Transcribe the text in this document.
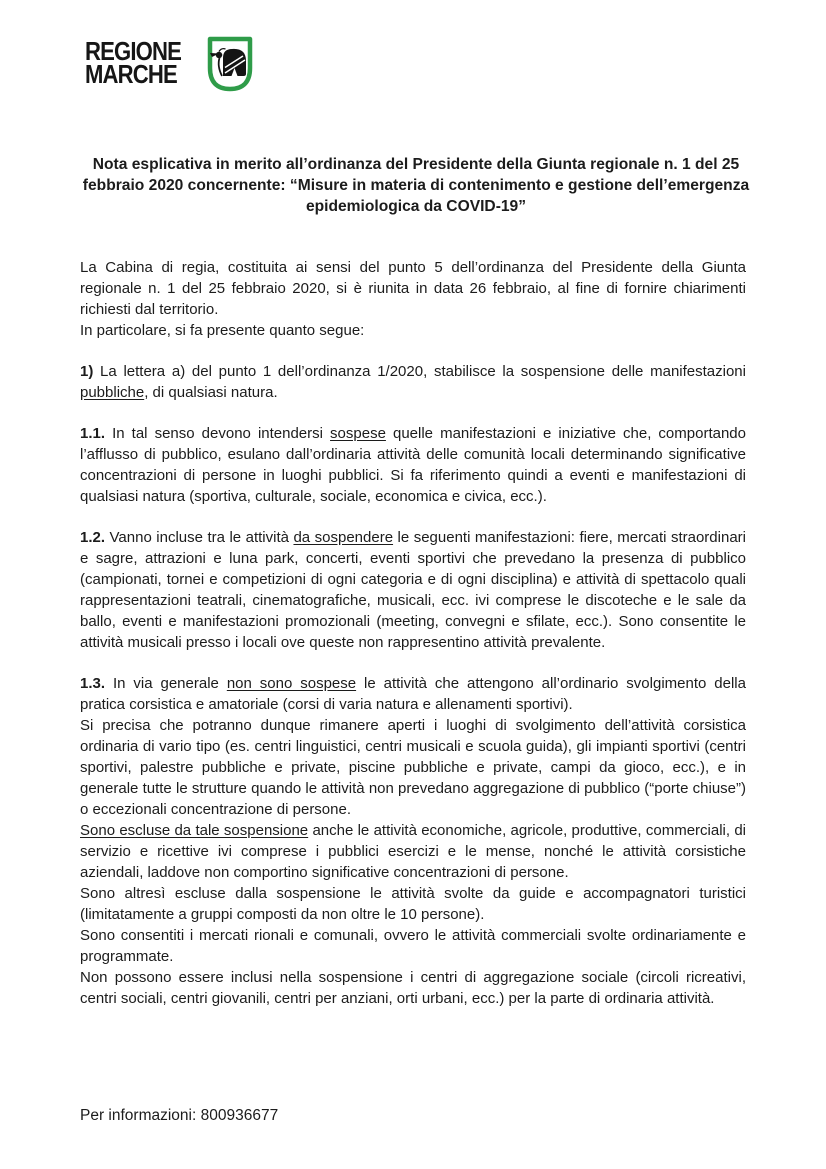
REGIONE
MARCHE
Nota esplicativa in merito all’ordinanza del Presidente della Giunta regionale n. 1 del 25 febbraio 2020 concernente: “Misure in materia di contenimento e gestione dell’emergenza epidemiologica da COVID-19”

La Cabina di regia, costituita ai sensi del punto 5 dell’ordinanza del Presidente della Giunta regionale n. 1 del 25 febbraio 2020, si è riunita in data 26 febbraio, al fine di fornire chiarimenti richiesti dal territorio.

In particolare, si fa presente quanto segue:

1) La lettera a) del punto 1 dell’ordinanza 1/2020, stabilisce la sospensione delle manifestazioni pubbliche, di qualsiasi natura.

1.1. In tal senso devono intendersi sospese quelle manifestazioni e iniziative che, comportando l’afflusso di pubblico, esulano dall’ordinaria attività delle comunità locali determinando significative concentrazioni di persone in luoghi pubblici. Si fa riferimento quindi a eventi e manifestazioni di qualsiasi natura (sportiva, culturale, sociale, economica e civica, ecc.).

1.2. Vanno incluse tra le attività da sospendere le seguenti manifestazioni: fiere, mercati straordinari e sagre, attrazioni e luna park, concerti, eventi sportivi che prevedano la presenza di pubblico (campionati, tornei e competizioni di ogni categoria e di ogni disciplina) e attività di spettacolo quali rappresentazioni teatrali, cinematografiche, musicali, ecc. ivi comprese le discoteche e le sale da ballo, eventi e manifestazioni promozionali (meeting, convegni e sfilate, ecc.). Sono consentite le attività musicali presso i locali ove queste non rappresentino attività prevalente.

1.3. In via generale non sono sospese le attività che attengono all’ordinario svolgimento della pratica corsistica e amatoriale (corsi di varia natura e allenamenti sportivi).

Si precisa che potranno dunque rimanere aperti i luoghi di svolgimento dell’attività corsistica ordinaria di vario tipo (es. centri linguistici, centri musicali e scuola guida), gli impianti sportivi (centri sportivi, palestre pubbliche e private, piscine pubbliche e private, campi da gioco, ecc.), e in generale tutte le strutture quando le attività non prevedano aggregazione di pubblico (“porte chiuse”) o eccezionali concentrazione di persone.

Sono escluse da tale sospensione anche le attività economiche, agricole, produttive, commerciali, di servizio e ricettive ivi comprese i pubblici esercizi e le mense, nonché le attività corsistiche aziendali, laddove non comportino significative concentrazioni di persone.

Sono altresì escluse dalla sospensione le attività svolte da guide e accompagnatori turistici (limitatamente a gruppi composti da non oltre le 10 persone).

Sono consentiti i mercati rionali e comunali, ovvero le attività commerciali svolte ordinariamente e programmate.

Non possono essere inclusi nella sospensione i centri di aggregazione sociale (circoli ricreativi, centri sociali, centri giovanili, centri per anziani, orti urbani, ecc.) per la parte di ordinaria attività.

Per informazioni: 800936677
